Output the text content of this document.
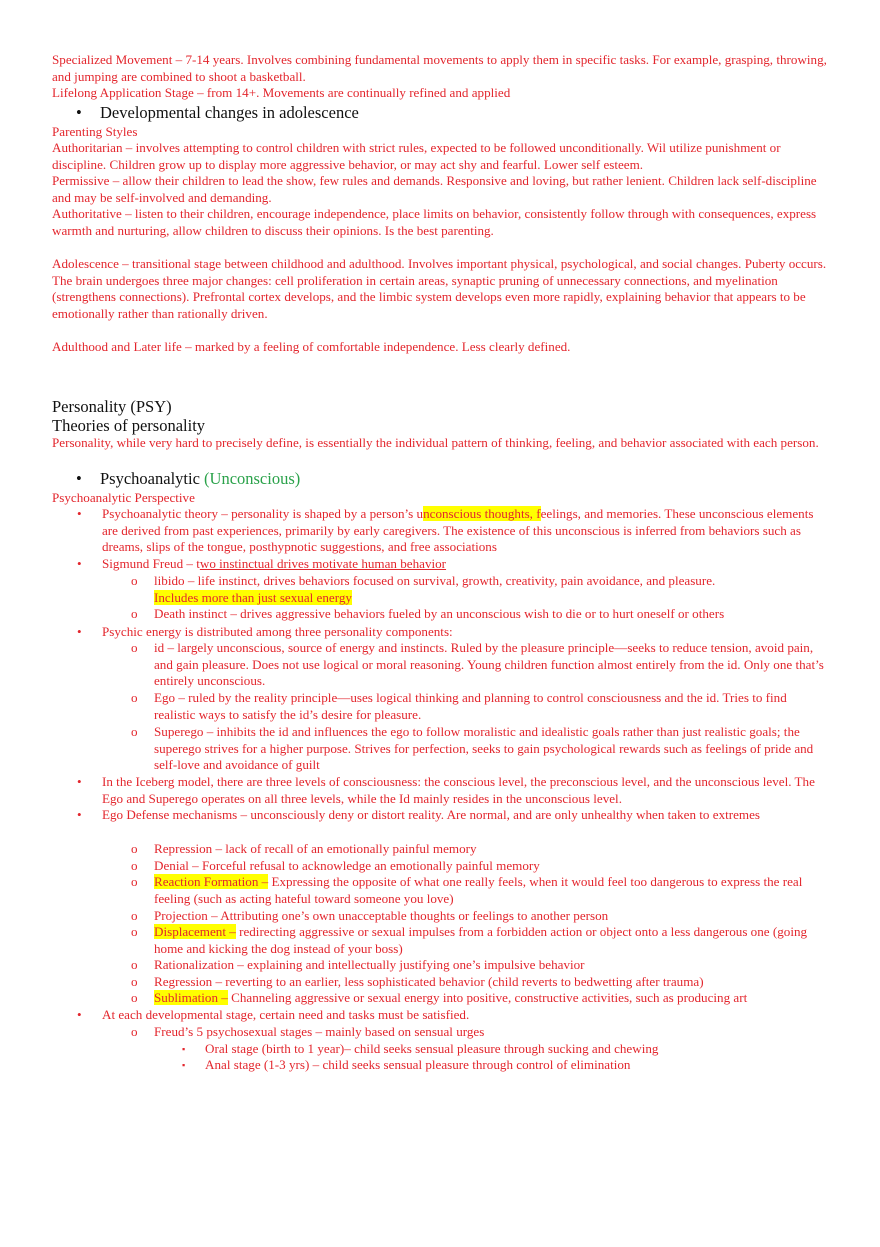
Specialized Movement – 7-14 years. Involves combining fundamental movements to apply them in specific tasks. For example, grasping, throwing, and jumping are combined to shoot a basketball.

Lifelong Application Stage – from 14+. Movements are continually refined and applied

• Developmental changes in adolescence

Parenting Styles

Authoritarian – involves attempting to control children with strict rules, expected to be followed unconditionally. Wil utilize punishment or discipline. Children grow up to display more aggressive behavior, or may act shy and fearful. Lower self esteem.

Permissive – allow their children to lead the show, few rules and demands. Responsive and loving, but rather lenient. Children lack self-discipline and may be self-involved and demanding.

Authoritative – listen to their children, encourage independence, place limits on behavior, consistently follow through with consequences, express warmth and nurturing, allow children to discuss their opinions. Is the best parenting.

Adolescence – transitional stage between childhood and adulthood. Involves important physical, psychological, and social changes. Puberty occurs. The brain undergoes three major changes: cell proliferation in certain areas, synaptic pruning of unnecessary connections, and myelination (strengthens connections). Prefrontal cortex develops, and the limbic system develops even more rapidly, explaining behavior that appears to be emotionally rather than rationally driven.

Adulthood and Later life – marked by a feeling of comfortable independence. Less clearly defined.

Personality (PSY)
Theories of personality

Personality, while very hard to precisely define, is essentially the individual pattern of thinking, feeling, and behavior associated with each person.

• Psychoanalytic (Unconscious)

Psychoanalytic Perspective

• Psychoanalytic theory – personality is shaped by a person’s unconscious thoughts, feelings, and memories. These unconscious elements are derived from past experiences, primarily by early caregivers. The existence of this unconscious is inferred from behaviors such as dreams, slips of the tongue, posthypnotic suggestions, and free associations

• Sigmund Freud – two instinctual drives motivate human behavior

o libido – life instinct, drives behaviors focused on survival, growth, creativity, pain avoidance, and pleasure.
Includes more than just sexual energy

o Death instinct – drives aggressive behaviors fueled by an unconscious wish to die or to hurt oneself or others

• Psychic energy is distributed among three personality components:

o id – largely unconscious, source of energy and instincts. Ruled by the pleasure principle—seeks to reduce tension, avoid pain, and gain pleasure. Does not use logical or moral reasoning. Young children function almost entirely from the id. Only one that’s entirely unconscious.

o Ego – ruled by the reality principle—uses logical thinking and planning to control consciousness and the id. Tries to find realistic ways to satisfy the id’s desire for pleasure.

o Superego – inhibits the id and influences the ego to follow moralistic and idealistic goals rather than just realistic goals; the superego strives for a higher purpose. Strives for perfection, seeks to gain psychological rewards such as feelings of pride and self-love and avoidance of guilt

• In the Iceberg model, there are three levels of consciousness: the conscious level, the preconscious level, and the unconscious level. The Ego and Superego operates on all three levels, while the Id mainly resides in the unconscious level.

• Ego Defense mechanisms – unconsciously deny or distort reality. Are normal, and are only unhealthy when taken to extremes

o Repression – lack of recall of an emotionally painful memory

o Denial – Forceful refusal to acknowledge an emotionally painful memory

o Reaction Formation – Expressing the opposite of what one really feels, when it would feel too dangerous to express the real feeling (such as acting hateful toward someone you love)

o Projection – Attributing one’s own unacceptable thoughts or feelings to another person

o Displacement – redirecting aggressive or sexual impulses from a forbidden action or object onto a less dangerous one (going home and kicking the dog instead of your boss)

o Rationalization – explaining and intellectually justifying one’s impulsive behavior

o Regression – reverting to an earlier, less sophisticated behavior (child reverts to bedwetting after trauma)

o Sublimation – Channeling aggressive or sexual energy into positive, constructive activities, such as producing art

• At each developmental stage, certain need and tasks must be satisfied.

o Freud’s 5 psychosexual stages – mainly based on sensual urges

▪ Oral stage (birth to 1 year)– child seeks sensual pleasure through sucking and chewing

▪ Anal stage (1-3 yrs) – child seeks sensual pleasure through control of elimination
